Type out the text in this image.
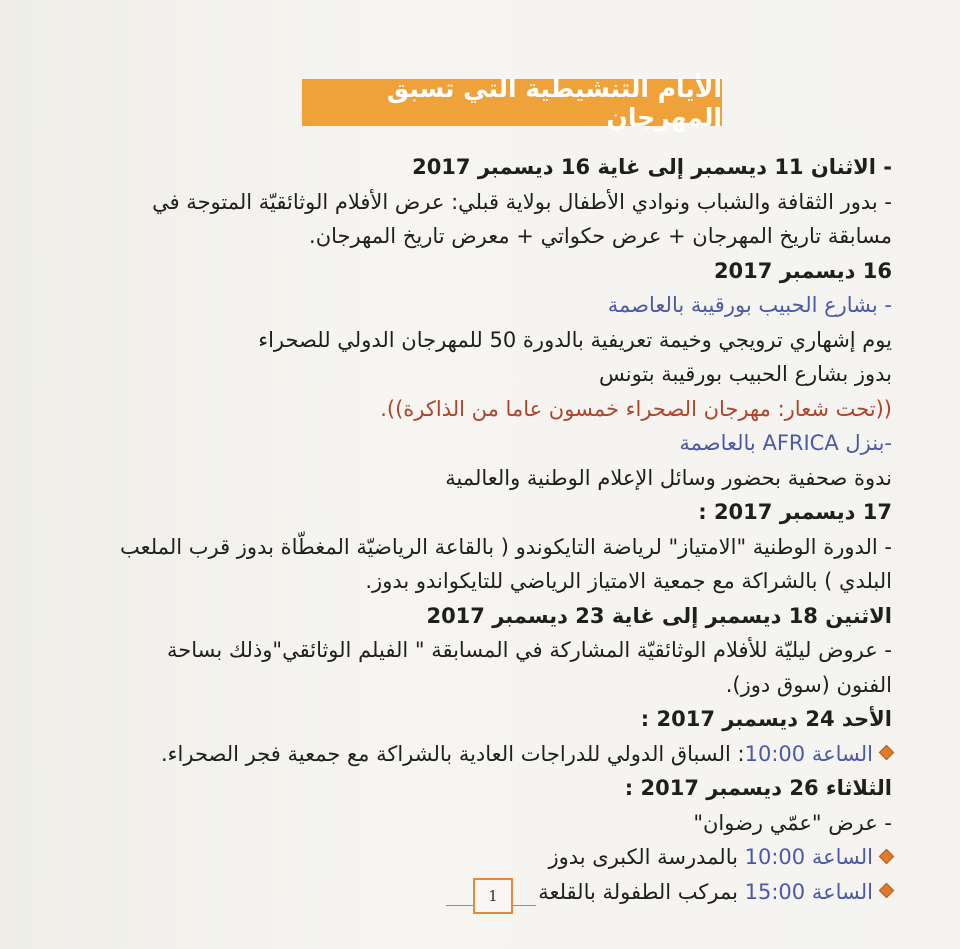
الأيام التنشيطية التي تسبق المهرجان
- الاثنان 11 ديسمبر إلى غاية 16 ديسمبر 2017
- بدور الثقافة والشباب ونوادي الأطفال بولاية قبلي: عرض الأفلام الوثائقيّة المتوجة في
مسابقة تاريخ المهرجان + عرض حكواتي + معرض تاريخ المهرجان.
16 ديسمبر 2017
- بشارع الحبيب بورقيبة بالعاصمة
يوم إشهاري ترويجي وخيمة تعريفية بالدورة 50 للمهرجان الدولي للصحراء
بدوز بشارع الحبيب بورقيبة بتونس
((تحت شعار: مهرجان الصحراء خمسون عاما من الذاكرة)).
-بنزل AFRICA بالعاصمة
ندوة صحفية بحضور وسائل الإعلام الوطنية والعالمية
17 ديسمبر 2017 :
- الدورة الوطنية "الامتياز" لرياضة التايكوندو ( بالقاعة الرياضيّة المغطّاة بدوز قرب الملعب
البلدي ) بالشراكة مع جمعية الامتياز الرياضي للتايكواندو بدوز.
الاثنين 18 ديسمبر إلى غاية 23 ديسمبر 2017
- عروض ليليّة للأفلام الوثائقيّة المشاركة في المسابقة " الفيلم الوثائقي"وذلك بساحة
الفنون (سوق دوز).
الأحد 24 ديسمبر 2017 :
الساعة 10:00: السباق الدولي للدراجات العادية بالشراكة مع جمعية فجر الصحراء.
الثلاثاء 26 ديسمبر 2017 :
- عرض "عمّي رضوان"
الساعة 10:00 بالمدرسة الكبرى بدوز
الساعة 15:00 بمركب الطفولة بالقلعة
1
